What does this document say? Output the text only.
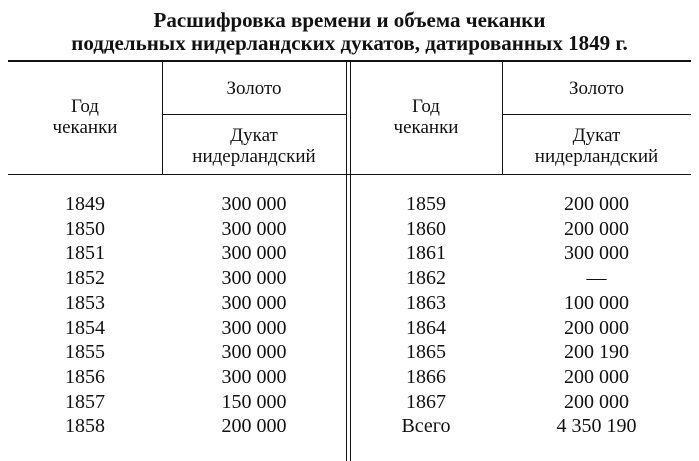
Расшифровка времени и объема чеканки
поддельных нидерландских дукатов, датированных 1849 г.
Год
чеканки
Золото
Дукат
нидерландский
Год
чеканки
Золото
Дукат
нидерландский
1849
1850
1851
1852
1853
1854
1855
1856
1857
1858
300 000
300 000
300 000
300 000
300 000
300 000
300 000
300 000
150 000
200 000
1859
1860
1861
1862
1863
1864
1865
1866
1867
Всего
200 000
200 000
300 000
—
100 000
200 000
200 190
200 000
200 000
4 350 190
